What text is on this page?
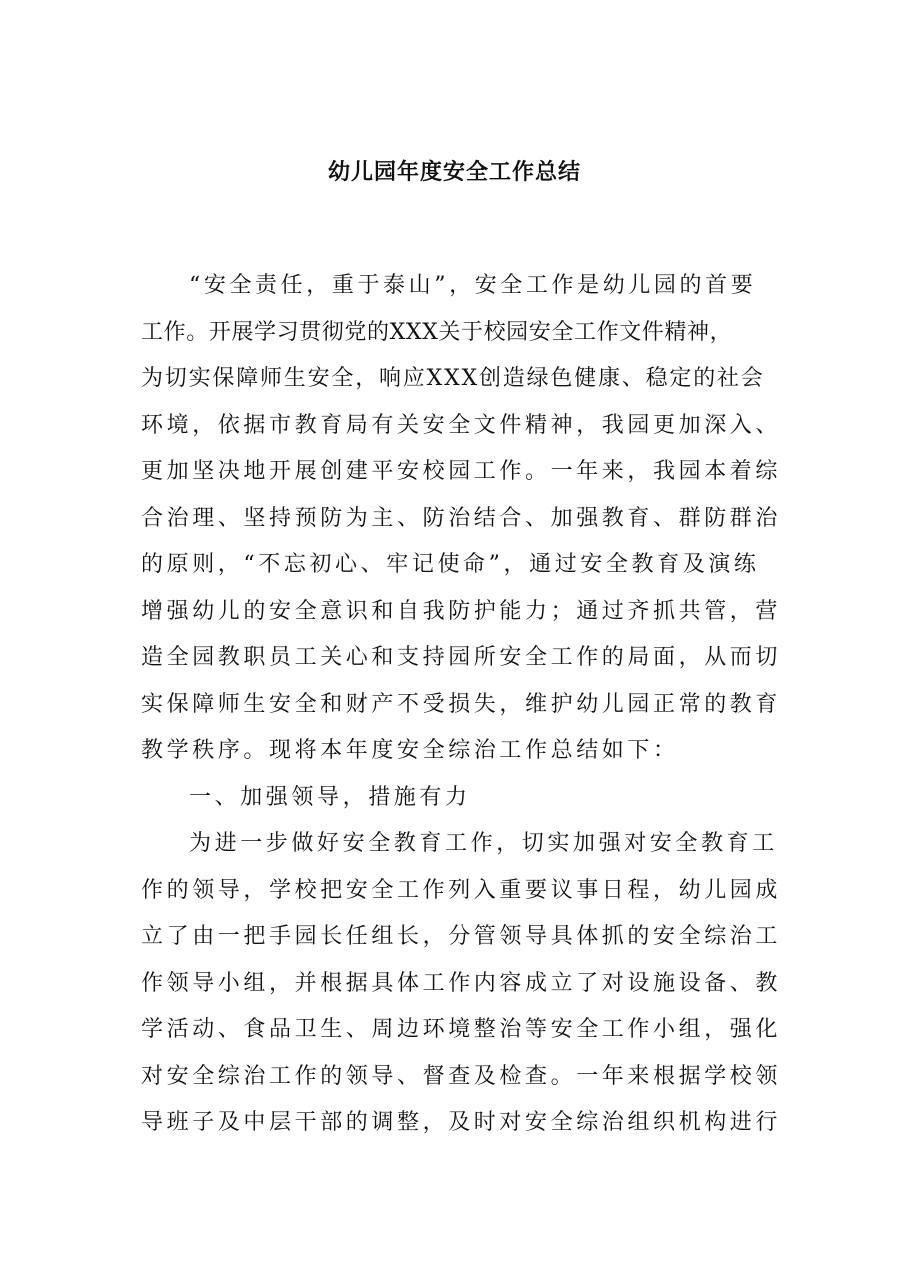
幼儿园年度安全工作总结
“安全责任，重于泰山”，安全工作是幼儿园的首要
工作。开展学习贯彻党的XXX关于校园安全工作文件精神，
为切实保障师生安全，响应XXX创造绿色健康、稳定的社会
环境，依据市教育局有关安全文件精神，我园更加深入、
更加坚决地开展创建平安校园工作。一年来，我园本着综
合治理、坚持预防为主、防治结合、加强教育、群防群治
的原则，“不忘初心、牢记使命”，通过安全教育及演练
增强幼儿的安全意识和自我防护能力；通过齐抓共管，营
造全园教职员工关心和支持园所安全工作的局面，从而切
实保障师生安全和财产不受损失，维护幼儿园正常的教育
教学秩序。现将本年度安全综治工作总结如下：
一、加强领导，措施有力
为进一步做好安全教育工作，切实加强对安全教育工
作的领导，学校把安全工作列入重要议事日程，幼儿园成
立了由一把手园长任组长，分管领导具体抓的安全综治工
作领导小组，并根据具体工作内容成立了对设施设备、教
学活动、食品卫生、周边环境整治等安全工作小组，强化
对安全综治工作的领导、督查及检查。一年来根据学校领
导班子及中层干部的调整，及时对安全综治组织机构进行
